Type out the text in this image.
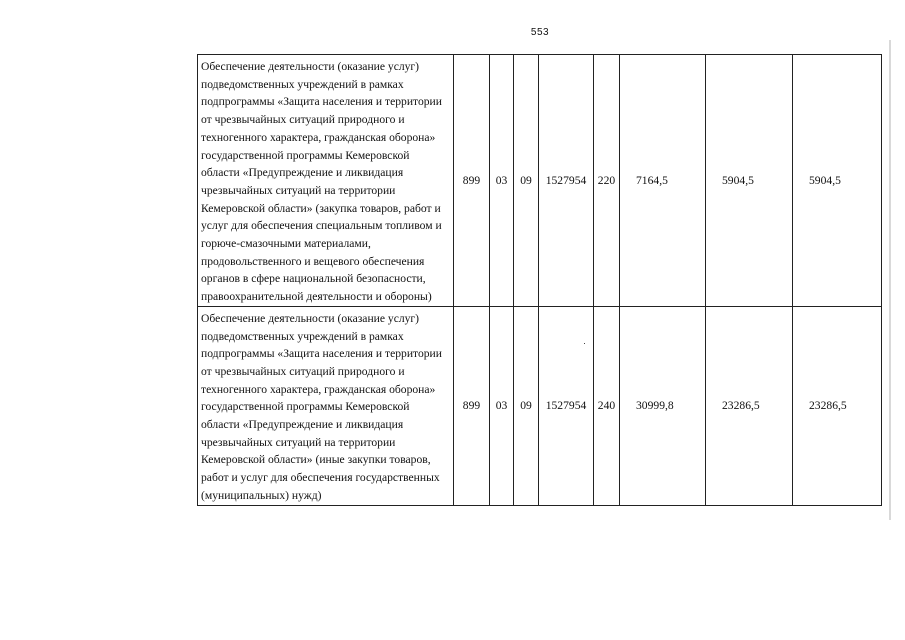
553
Обеспечение деятельности (оказание услуг) подведомственных учреждений в рамках подпрограммы «Защита населения и территории от чрезвычайных ситуаций природного и техногенного характера, гражданская оборона» государственной программы Кемеровской области «Предупреждение и ликвидация чрезвычайных ситуаций на территории Кемеровской области» (закупка товаров, работ и услуг для обеспечения специальным топливом и горюче-смазочными материалами, продовольственного и вещевого обеспечения органов в сфере национальной безопасности, правоохранительной деятельности и обороны)	899	03	09	1527954	220	7164,5	5904,5	5904,5
Обеспечение деятельности (оказание услуг) подведомственных учреждений в рамках подпрограммы «Защита населения и территории от чрезвычайных ситуаций природного и техногенного характера, гражданская оборона» государственной программы Кемеровской области «Предупреждение и ликвидация чрезвычайных ситуаций на территории Кемеровской области» (иные закупки товаров, работ и услуг для обеспечения государственных (муниципальных) нужд)	899	03	09	1527954	240	30999,8	23286,5	23286,5
